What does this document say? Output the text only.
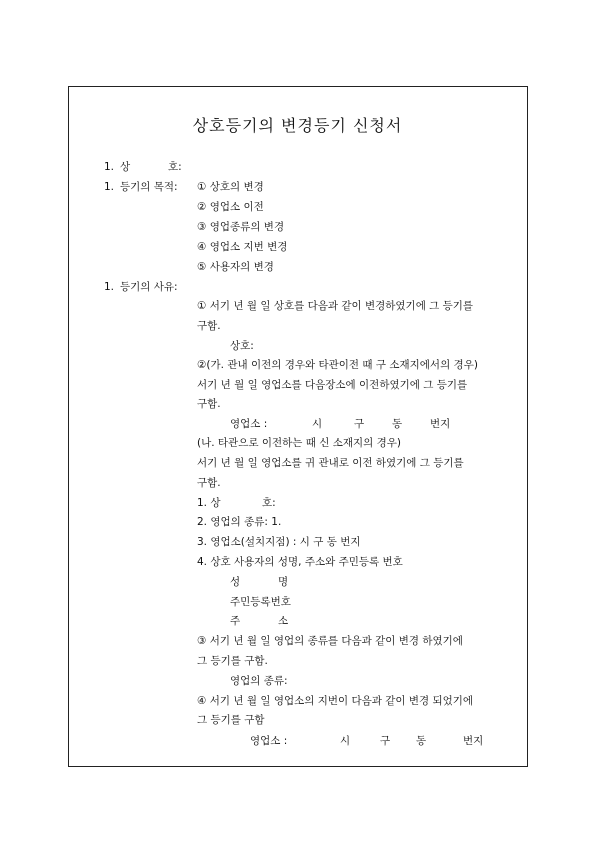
상호등기의 변경등기 신청서
1. 상	호:
1. 등기의 목적: ① 상호의 변경
② 영업소 이전
③ 영업종류의 변경
④ 영업소 지번 변경
⑤ 사용자의 변경
1. 등기의 사유:
① 서기 년 월 일 상호를 다음과 같이 변경하였기에 그 등기를
구함.
상호:
②(가. 관내 이전의 경우와 타관이전 때 구 소재지에서의 경우)
서기 년 월 일 영업소를 다음장소에 이전하였기에 그 등기를
구함.
영업소 :	시	구	동	번지
(나. 타관으로 이전하는 때 신 소재지의 경우)
서기 년 월 일 영업소를 귀 관내로 이전 하였기에 그 등기를
구함.
1. 상	호:
2. 영업의 종류: 1.
3. 영업소(설치지점) : 시 구 동 번지
4. 상호 사용자의 성명, 주소와 주민등록 번호
성	명
주민등록번호
주	소
③ 서기 년 월 일 영업의 종류를 다음과 같이 변경 하였기에
그 등기를 구함.
영업의 종류:
④ 서기 년 월 일 영업소의 지번이 다음과 같이 변경 되었기에
그 등기를 구함
영업소 :	시	구 동	번지
